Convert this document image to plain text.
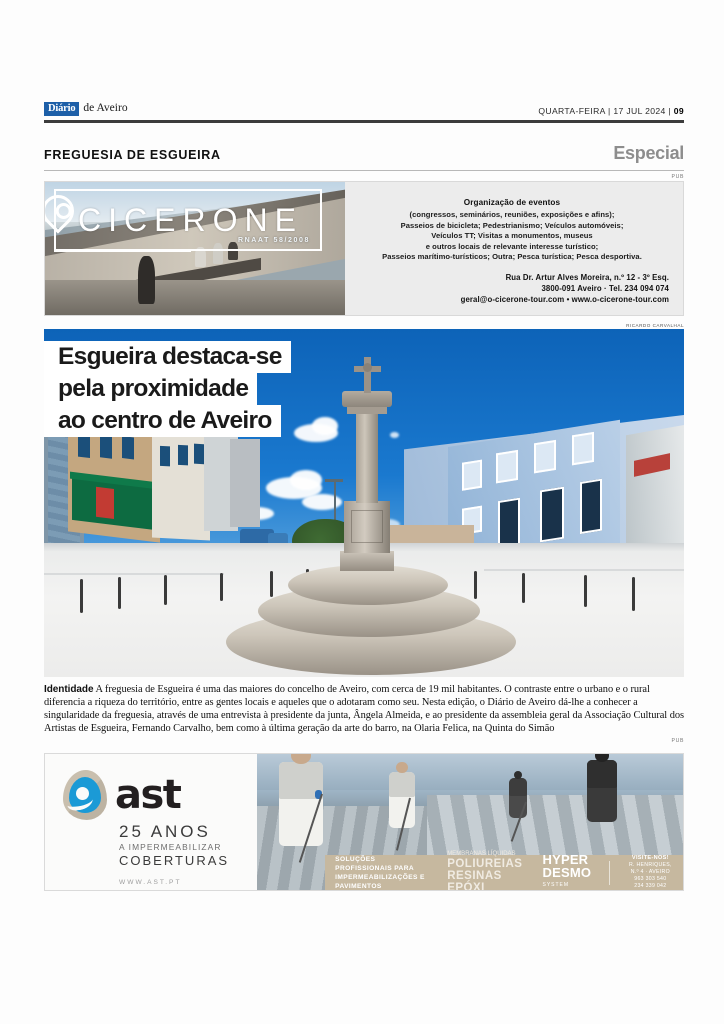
Diário de Aveiro	QUARTA-FEIRA | 17 JUL 2024 | 09
FREGUESIA DE ESGUEIRA	Especial
PUB
CICERONE
RNAAT 58/2008
Organização de eventos

(congressos, seminários, reuniões, exposições e afins);

Passeios de bicicleta; Pedestrianismo; Veículos automóveis;

Veículos TT; Visitas a monumentos, museus

e outros locais de relevante interesse turístico;

Passeios marítimo-turísticos; Outra; Pesca turística; Pesca desportiva.

Rua Dr. Artur Alves Moreira, n.º 12 - 3º Esq.

3800-091 Aveiro · Tel. 234 094 074

geral@o-cicerone-tour.com • www.o-cicerone-tour.com

RICARDO CARVALHAL
Esgueira destaca-se
pela proximidade
ao centro de Aveiro

Identidade A freguesia de Esgueira é uma das maiores do concelho de Aveiro, com cerca de 19 mil habitantes. O contraste entre o urbano e o rural diferencia a riqueza do território, entre as gentes locais e aqueles que o adotaram como seu. Nesta edição, o Diário de Aveiro dá-lhe a conhecer a singularidade da freguesia, através de uma entrevista à presidente da junta, Ângela Almeida, e ao presidente da assembleia geral da Associação Cultural dos Artistas de Esgueira, Fernando Carvalho, bem como à última geração da arte do barro, na Olaria Felica, na Quinta do Simão

PUB
ast
25 ANOS
A IMPERMEABILIZAR
COBERTURAS
WWW.AST.PT
SOLUÇÕES PROFISSIONAIS PARA
IMPERMEABILIZAÇÕES E PAVIMENTOS
MEMBRANAS LÍQUIDAS
POLIUREIAS
RESINAS EPÓXI
HYPER
DESMO
SYSTEM
VISITE-NOS!
R. HENRIQUES, N.º 4 · AVEIRO
963 303 540
234 339 042
